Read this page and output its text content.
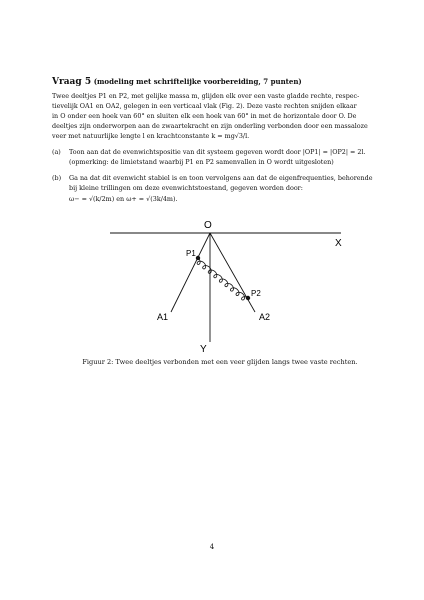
Vraag 5 (modeling met schriftelijke voorbereiding, 7 punten)
Twee deeltjes P1 en P2, met gelijke massa m, glijden elk over een vaste gladde rechte, respec-
tievelijk OA1 en OA2, gelegen in een verticaal vlak (Fig. 2). Deze vaste rechten snijden elkaar
in O onder een hoek van 60° en sluiten elk een hoek van 60° in met de horizontale door O. De
deeltjes zijn onderworpen aan de zwaartekracht en zijn onderling verbonden door een massaloze
veer met natuurlijke lengte l en krachtconstante k = mg√3/l.
(a) Toon aan dat de evenwichtspositie van dit systeem gegeven wordt door |OP1| = |OP2| = 2l.
(opmerking: de limietstand waarbij P1 en P2 samenvallen in O wordt uitgesloten)
(b) Ga na dat dit evenwicht stabiel is en toon vervolgens aan dat de eigenfrequenties, behorende
bij kleine trillingen om deze evenwichtstoestand, gegeven worden door:
ω− = √(k/2m) en ω+ = √(3k/4m).
O
X
Y
P1
P2
A1	A2
Figuur 2: Twee deeltjes verbonden met een veer glijden langs twee vaste rechten.
4
